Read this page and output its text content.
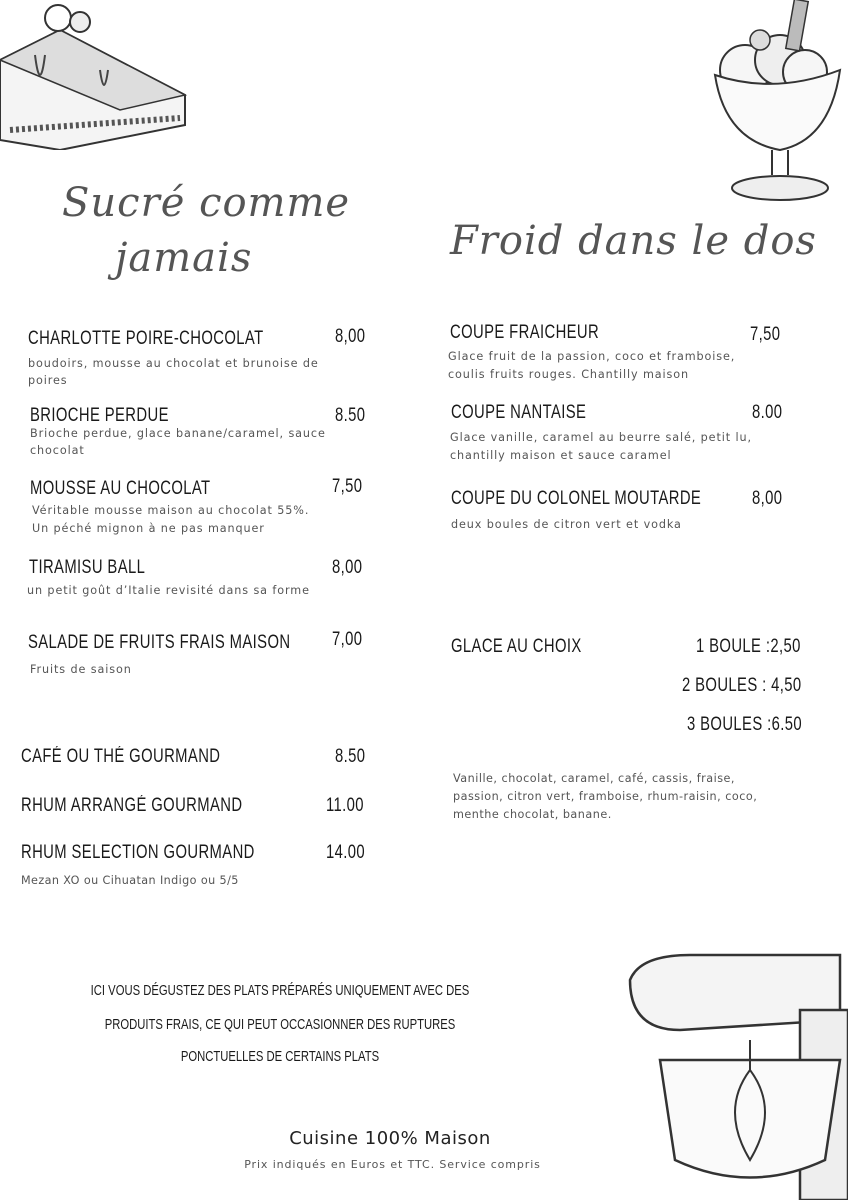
Sucré comme
jamais	Froid dans le dos
CHARLOTTE POIRE-CHOCOLAT	8,00
boudoirs, mousse au chocolat et brunoise de
poires
BRIOCHE PERDUE	8.50
Brioche perdue, glace banane/caramel, sauce
chocolat
MOUSSE AU CHOCOLAT	7,50
Véritable mousse maison au chocolat 55%.
Un péché mignon à ne pas manquer
TIRAMISU BALL	8,00
un petit goût d’Italie revisité dans sa forme
SALADE DE FRUITS FRAIS MAISON 7,00
Fruits de saison
CAFÉ OU THÉ GOURMAND	8.50
RHUM ARRANGÉ GOURMAND	11.00
RHUM SELECTION GOURMAND	14.00
Mezan XO ou Cihuatan Indigo ou 5/5
COUPE FRAICHEUR	7,50
Glace fruit de la passion, coco et framboise,
coulis fruits rouges. Chantilly maison
COUPE NANTAISE	8.00
Glace vanille, caramel au beurre salé, petit lu,
chantilly maison et sauce caramel
COUPE DU COLONEL MOUTARDE	8,00
deux boules de citron vert et vodka
GLACE AU CHOIX	1 BOULE :2,50
2 BOULES : 4,50
3 BOULES :6.50
Vanille, chocolat, caramel, café, cassis, fraise,
passion, citron vert, framboise, rhum-raisin, coco,
menthe chocolat, banane.
ICI VOUS DÉGUSTEZ DES PLATS PRÉPARÉS UNIQUEMENT AVEC DES
PRODUITS FRAIS, CE QUI PEUT OCCASIONNER DES RUPTURES
PONCTUELLES DE CERTAINS PLATS
Cuisine 100% Maison
Prix indiqués en Euros et TTC. Service compris
